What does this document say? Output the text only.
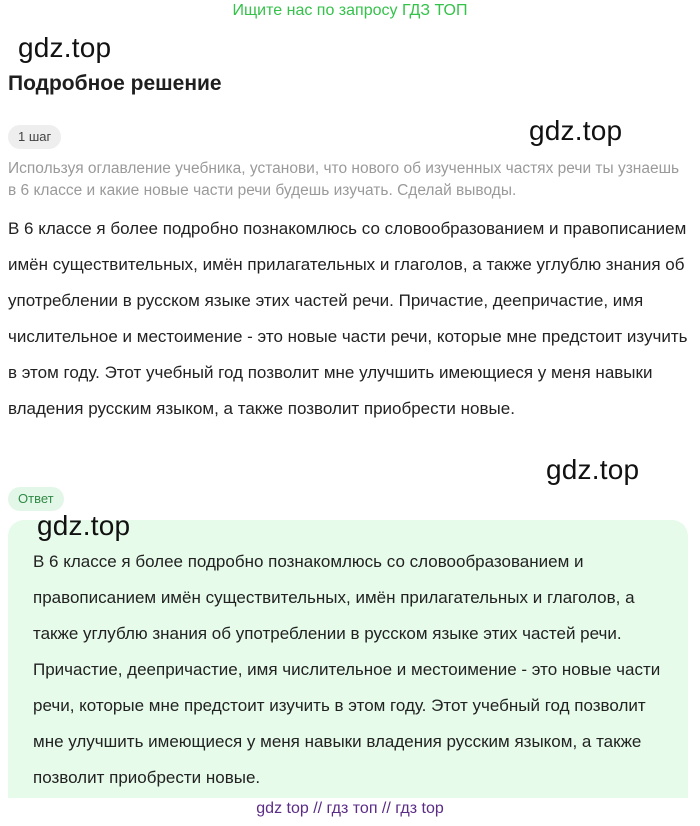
Ищите нас по запросу ГДЗ ТОП
gdz.top
gdz.top
gdz.top
gdz.top
Подробное решение
1 шаг
Используя оглавление учебника, установи, что нового об изученных частях речи ты узнаешь в 6 классе и какие новые части речи будешь изучать. Сделай выводы.
В 6 классе я более подробно познакомлюсь со словообразованием и правописанием имён существительных, имён прилагательных и глаголов, а также углублю знания об употреблении в русском языке этих частей речи. Причастие, деепричастие, имя числительное и местоимение - это новые части речи, которые мне предстоит изучить в этом году. Этот учебный год позволит мне улучшить имеющиеся у меня навыки владения русским языком, а также позволит приобрести новые.
Ответ
В 6 классе я более подробно познакомлюсь со словообразованием и правописанием имён существительных, имён прилагательных и глаголов, а также углублю знания об употреблении в русском языке этих частей речи. Причастие, деепричастие, имя числительное и местоимение - это новые части речи, которые мне предстоит изучить в этом году. Этот учебный год позволит мне улучшить имеющиеся у меня навыки владения русским языком, а также позволит приобрести новые.
gdz top // гдз топ // гдз top
